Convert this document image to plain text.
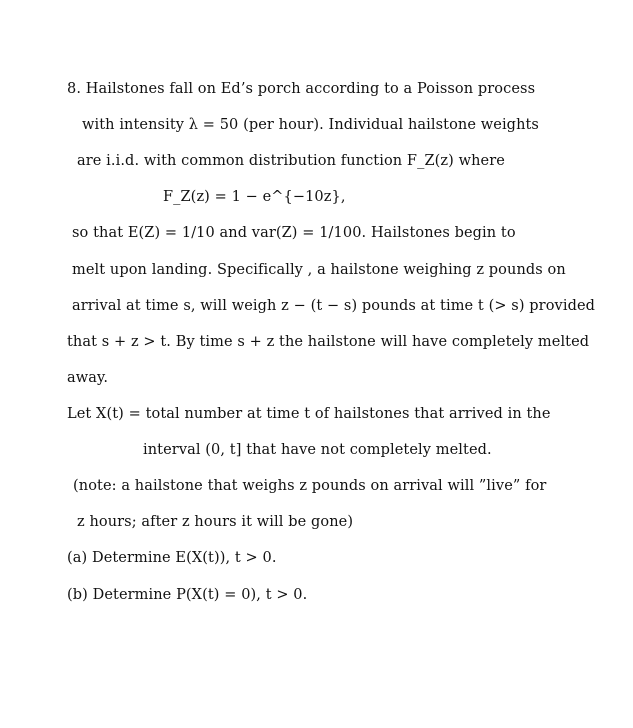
8. Hailstones fall on Ed’s porch according to a Poisson process
with intensity λ = 50 (per hour). Individual hailstone weights
are i.i.d. with common distribution function F_Z(z) where
F_Z(z) = 1 − e^{−10z},
so that E(Z) = 1/10 and var(Z) = 1/100. Hailstones begin to
melt upon landing. Specifically , a hailstone weighing z pounds on
arrival at time s, will weigh z − (t − s) pounds at time t (> s) provided
that s + z > t. By time s + z the hailstone will have completely melted
away.
Let X(t) = total number at time t of hailstones that arrived in the
interval (0, t] that have not completely melted.
(note: a hailstone that weighs z pounds on arrival will ”live” for
z hours; after z hours it will be gone)
(a) Determine E(X(t)), t > 0.
(b) Determine P(X(t) = 0), t > 0.
